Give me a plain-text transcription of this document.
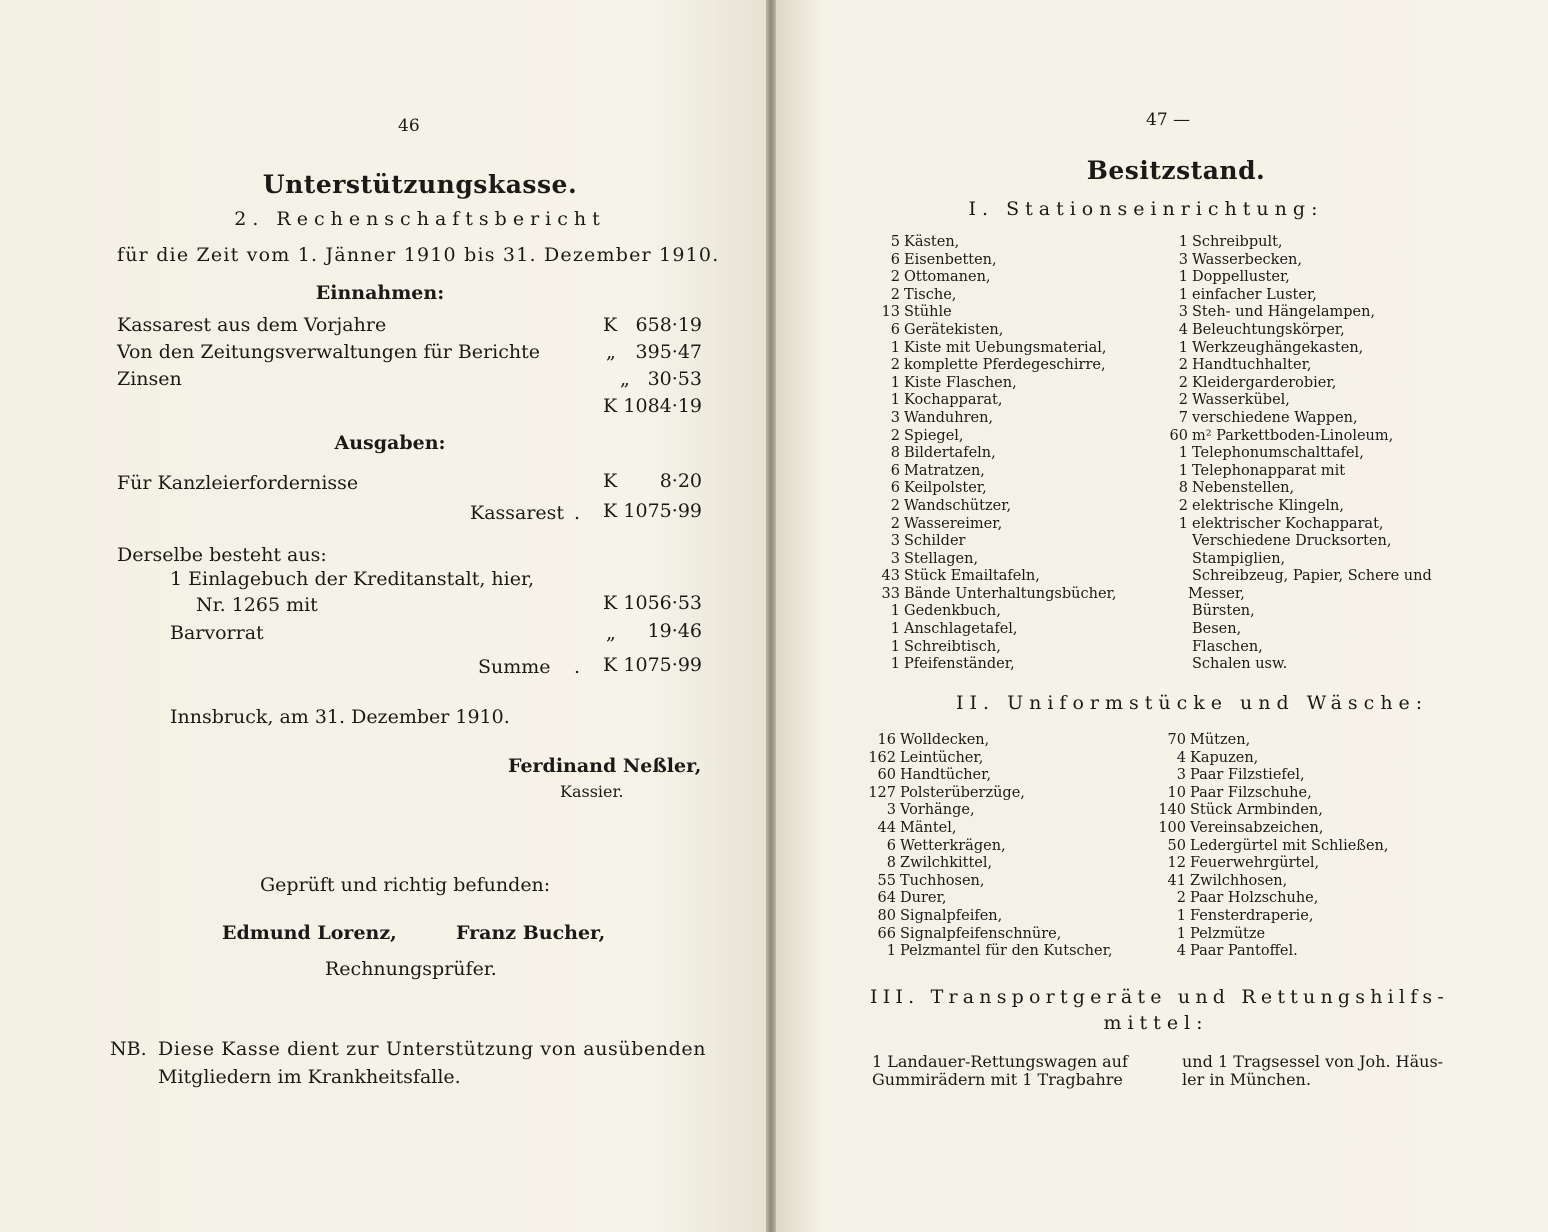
46
Unterstützungskasse.
2. Rechenschaftsbericht
für die Zeit vom 1. Jänner 1910 bis 31. Dezember 1910.
Einnahmen:
Kassarest aus dem Vorjahre	K 658·19
Von den Zeitungsverwaltungen für Berichte	„	395·47
Zinsen	„ 30·53
K 1084·19
Ausgaben:
Für Kanzleierfordernisse	K	8·20
Kassarest . K 1075·99
Derselbe besteht aus:
1 Einlagebuch der Kreditanstalt, hier,
Nr. 1265 mit	K 1056·53
Barvorrat	„	19·46
Summe . K 1075·99
Innsbruck, am 31. Dezember 1910.
Ferdinand Neßler,
Kassier.
Geprüft und richtig befunden:
Edmund Lorenz,	Franz Bucher,
Rechnungsprüfer.
NB. Diese Kasse dient zur Unterstützung von ausübenden
Mitgliedern im Krankheitsfalle.
47 —
Besitzstand.
I. Stationseinrichtung:
5 Kästen,
6 Eisenbetten,
2 Ottomanen,
2 Tische,
13 Stühle
6 Gerätekisten,
1 Kiste mit Uebungsmaterial,
2 komplette Pferdegeschirre,
1 Kiste Flaschen,
1 Kochapparat,
3 Wanduhren,
2 Spiegel,
8 Bildertafeln,
6 Matratzen,
6 Keilpolster,
2 Wandschützer,
2 Wassereimer,
3 Schilder
3 Stellagen,
43 Stück Emailtafeln,
33 Bände Unterhaltungsbücher,
1 Gedenkbuch,
1 Anschlagetafel,
1 Schreibtisch,
1 Pfeifenständer,
1 Schreibpult,
3 Wasserbecken,
1 Doppelluster,
1 einfacher Luster,
3 Steh- und Hängelampen,
4 Beleuchtungskörper,
1 Werkzeughängekasten,
2 Handtuchhalter,
2 Kleidergarderobier,
2 Wasserkübel,
7 verschiedene Wappen,
60 m² Parkettboden-Linoleum,
1 Telephonumschalttafel,
1 Telephonapparat mit
8 Nebenstellen,
2 elektrische Klingeln,
1 elektrischer Kochapparat,
Verschiedene Drucksorten,
Stampiglien,
Schreibzeug, Papier, Schere und
Messer,
Bürsten,
Besen,
Flaschen,
Schalen usw.
II. Uniformstücke und Wäsche:
16 Wolldecken,
162 Leintücher,
60 Handtücher,
127 Polsterüberzüge,
3 Vorhänge,
44 Mäntel,
6 Wetterkrägen,
8 Zwilchkittel,
55 Tuchhosen,
64 Durer,
80 Signalpfeifen,
66 Signalpfeifenschnüre,
1 Pelzmantel für den Kutscher,
70 Mützen,
4 Kapuzen,
3 Paar Filzstiefel,
10 Paar Filzschuhe,
140 Stück Armbinden,
100 Vereinsabzeichen,
50 Ledergürtel mit Schließen,
12 Feuerwehrgürtel,
41 Zwilchhosen,
2 Paar Holzschuhe,
1 Fensterdraperie,
1 Pelzmütze
4 Paar Pantoffel.
III. Transportgeräte und Rettungshilfs-
mittel:
1 Landauer-Rettungswagen auf
Gummirädern mit 1 Tragbahre
und 1 Tragsessel von Joh. Häus-
ler in München.
